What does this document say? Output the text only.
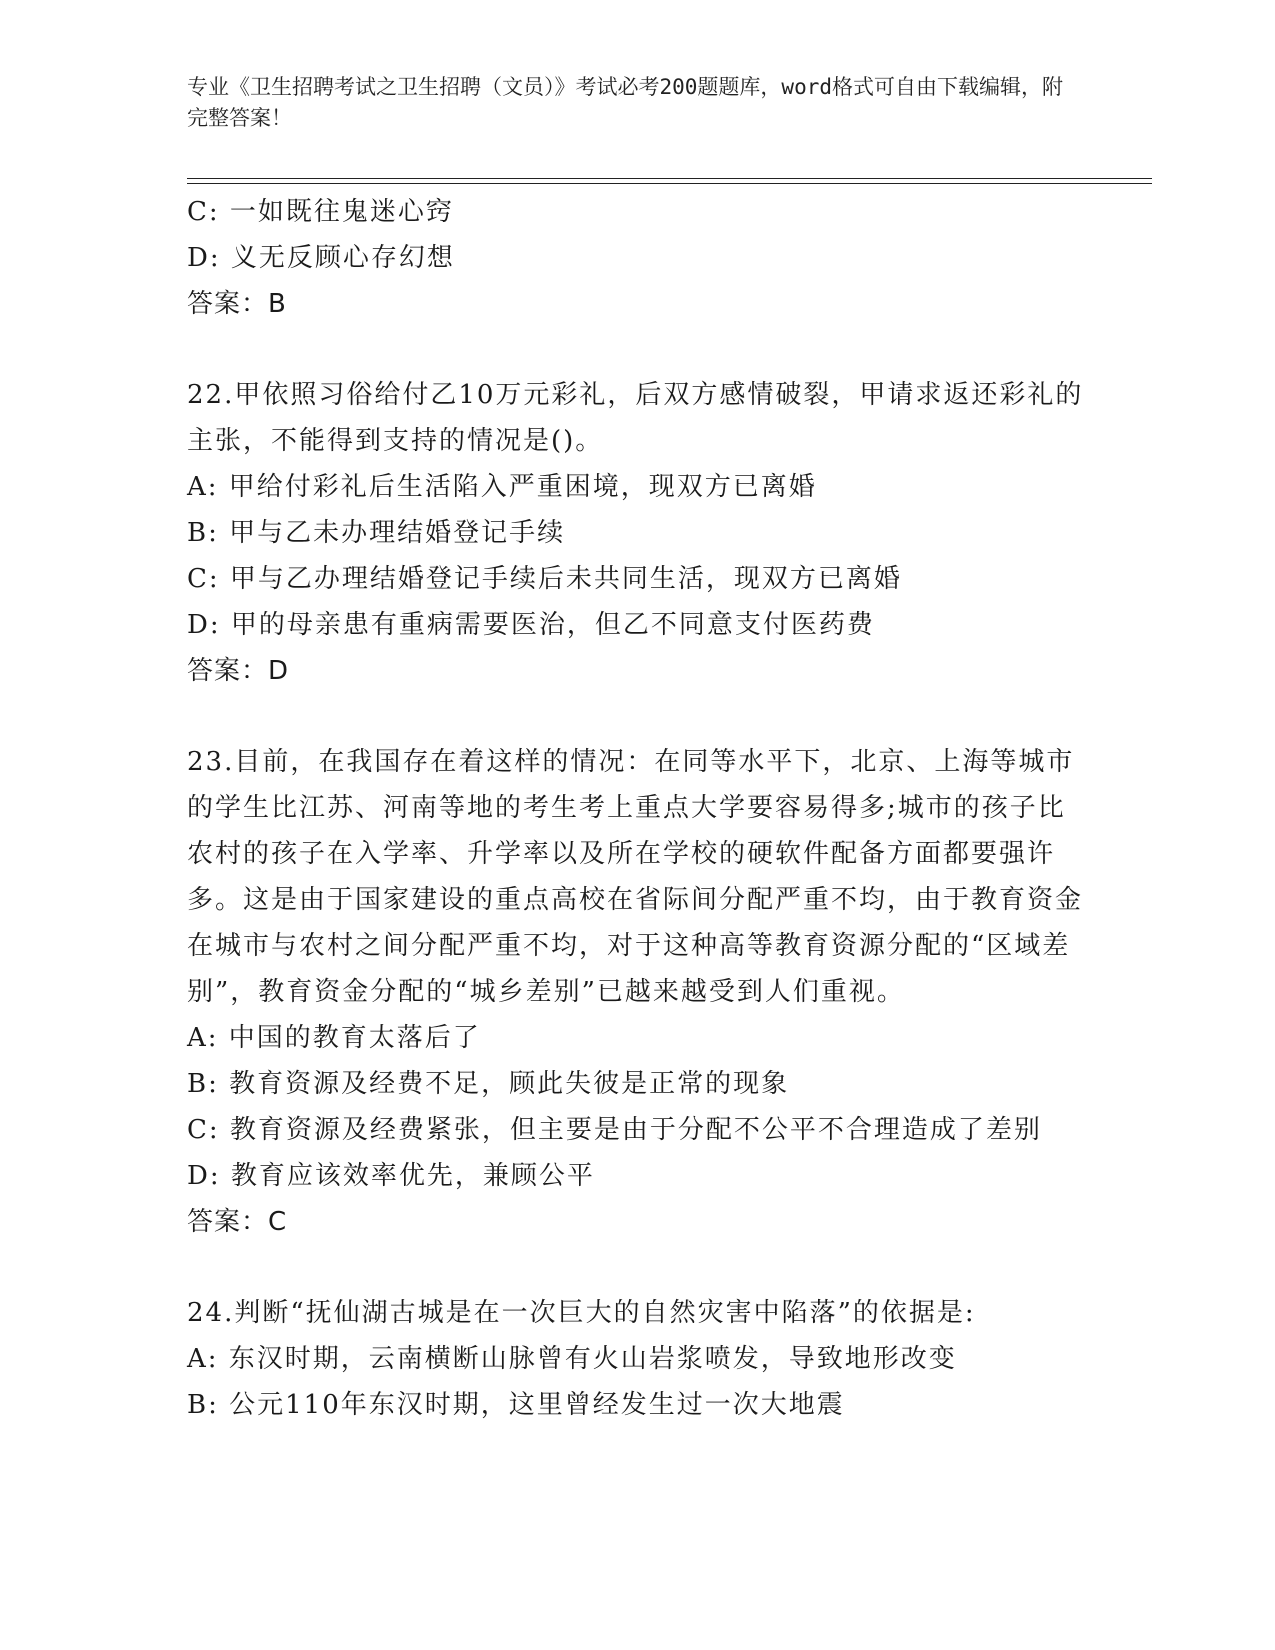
专业《卫生招聘考试之卫生招聘（文员）》考试必考200题题库，word格式可自由下载编辑，附完整答案！
C: 一如既往鬼迷心窍
D: 义无反顾心存幻想
答案：B
22.甲依照习俗给付乙10万元彩礼，后双方感情破裂，甲请求返还彩礼的主张，不能得到支持的情况是()。
A: 甲给付彩礼后生活陷入严重困境，现双方已离婚
B: 甲与乙未办理结婚登记手续
C: 甲与乙办理结婚登记手续后未共同生活，现双方已离婚
D: 甲的母亲患有重病需要医治，但乙不同意支付医药费
答案：D
23.目前，在我国存在着这样的情况：在同等水平下，北京、上海等城市的学生比江苏、河南等地的考生考上重点大学要容易得多;城市的孩子比农村的孩子在入学率、升学率以及所在学校的硬软件配备方面都要强许多。这是由于国家建设的重点高校在省际间分配严重不均，由于教育资金在城市与农村之间分配严重不均，对于这种高等教育资源分配的“区域差别”，教育资金分配的“城乡差别”已越来越受到人们重视。
A: 中国的教育太落后了
B: 教育资源及经费不足，顾此失彼是正常的现象
C: 教育资源及经费紧张，但主要是由于分配不公平不合理造成了差别
D: 教育应该效率优先，兼顾公平
答案：C
24.判断“抚仙湖古城是在一次巨大的自然灾害中陷落”的依据是:
A: 东汉时期，云南横断山脉曾有火山岩浆喷发，导致地形改变
B: 公元110年东汉时期，这里曾经发生过一次大地震
